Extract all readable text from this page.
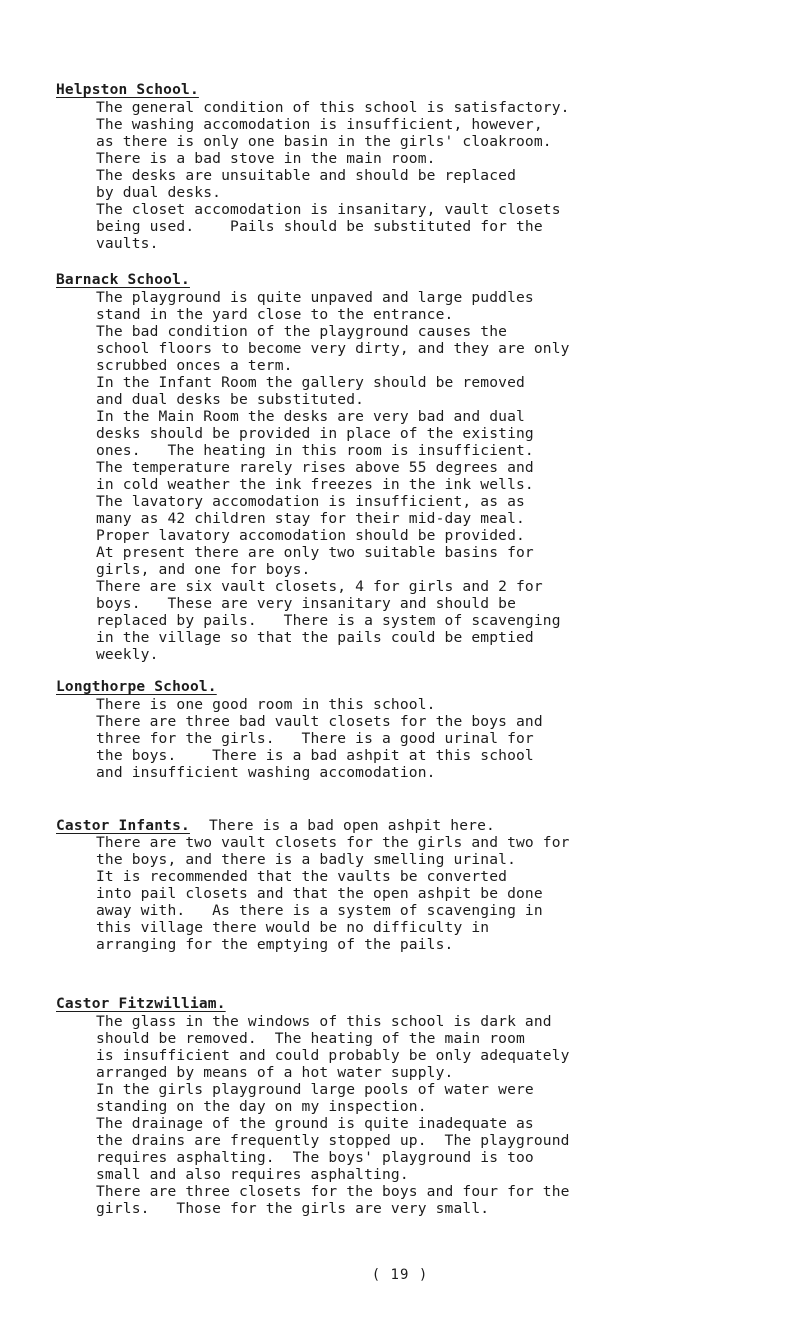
Helpston School.
The general condition of this school is satisfactory.
The washing accomodation is insufficient, however,
as there is only one basin in the girls' cloakroom.
There is a bad stove in the main room.
The desks are unsuitable and should be replaced
by dual desks.
The closet accomodation is insanitary, vault closets
being used.    Pails should be substituted for the
vaults.
Barnack School.
The playground is quite unpaved and large puddles
stand in the yard close to the entrance.
The bad condition of the playground causes the
school floors to become very dirty, and they are only
scrubbed onces a term.
In the Infant Room the gallery should be removed
and dual desks be substituted.
In the Main Room the desks are very bad and dual
desks should be provided in place of the existing
ones.   The heating in this room is insufficient.
The temperature rarely rises above 55 degrees and
in cold weather the ink freezes in the ink wells.
The lavatory accomodation is insufficient, as as
many as 42 children stay for their mid-day meal.
Proper lavatory accomodation should be provided.
At present there are only two suitable basins for
girls, and one for boys.
There are six vault closets, 4 for girls and 2 for
boys.   These are very insanitary and should be
replaced by pails.   There is a system of scavenging
in the village so that the pails could be emptied
weekly.
Longthorpe School.
There is one good room in this school.
There are three bad vault closets for the boys and
three for the girls.   There is a good urinal for
the boys.    There is a bad ashpit at this school
and insufficient washing accomodation.
Castor Infants. There is a bad open ashpit here.
There are two vault closets for the girls and two for
the boys, and there is a badly smelling urinal.
It is recommended that the vaults be converted
into pail closets and that the open ashpit be done
away with.   As there is a system of scavenging in
this village there would be no difficulty in
arranging for the emptying of the pails.
Castor Fitzwilliam.
The glass in the windows of this school is dark and
should be removed.  The heating of the main room
is insufficient and could probably be only adequately
arranged by means of a hot water supply.
In the girls playground large pools of water were
standing on the day on my inspection.
The drainage of the ground is quite inadequate as
the drains are frequently stopped up.  The playground
requires asphalting.  The boys' playground is too
small and also requires asphalting.
There are three closets for the boys and four for the
girls.   Those for the girls are very small.
( 19 )
